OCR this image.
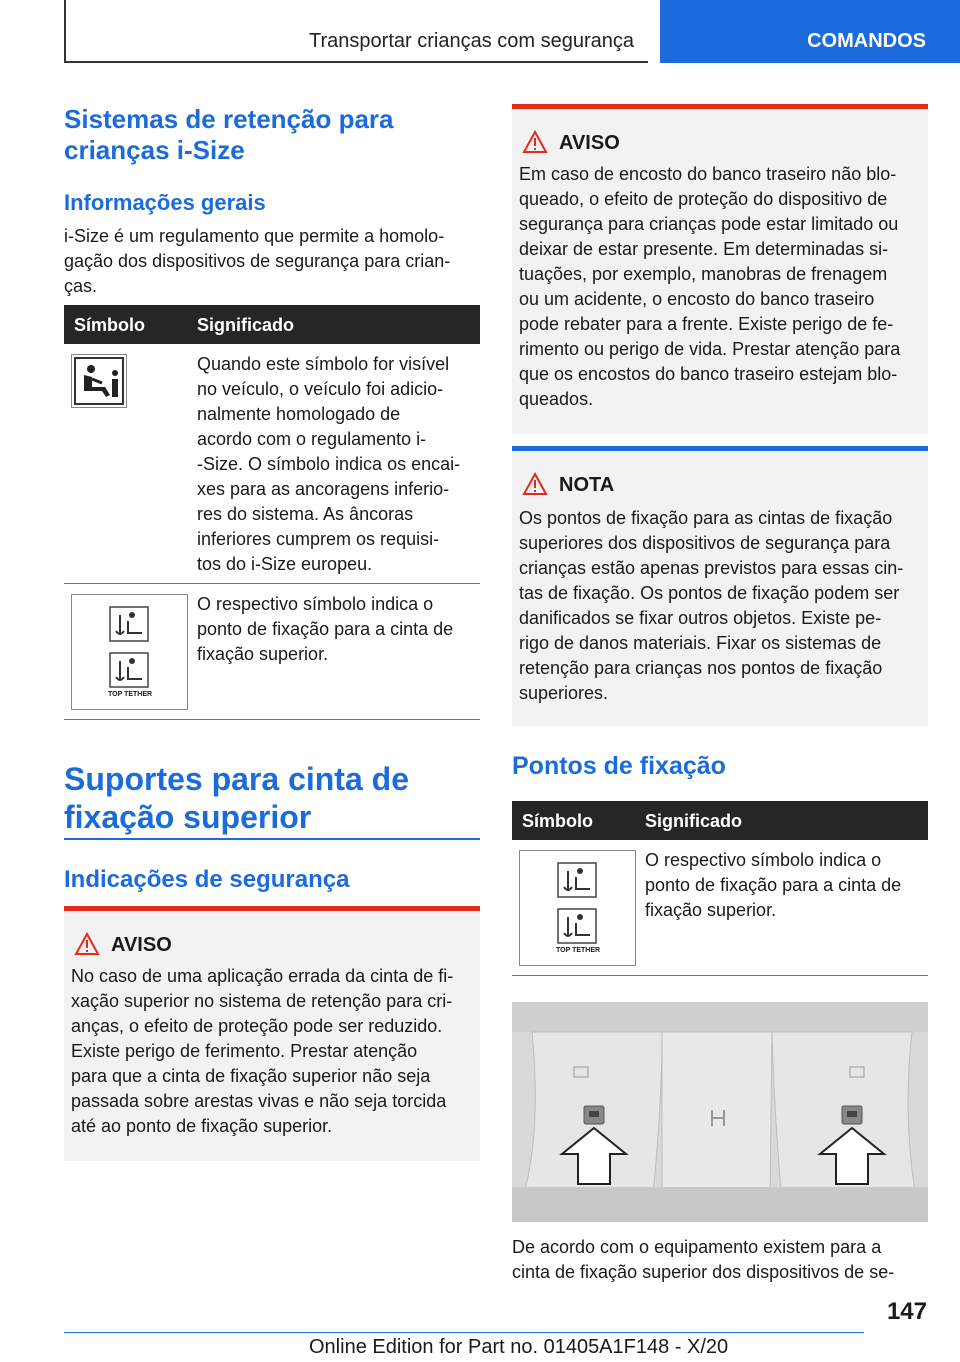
Transportar crianças com segurança	COMANDOS
Sistemas de retenção para
crianças i-Size
Informações gerais
i-Size é um regulamento que permite a homolo-
gação dos dispositivos de segurança para crian-
ças.
Símbolo	Significado
Quando este símbolo for visível
no veículo, o veículo foi adicio-
nalmente homologado de
acordo com o regulamento i-
-Size. O símbolo indica os encai-
xes para as ancoragens inferio-
res do sistema. As âncoras
inferiores cumprem os requisi-
tos do i-Size europeu.
TOP TETHER
O respectivo símbolo indica o
ponto de fixação para a cinta de
fixação superior.
Suportes para cinta de
fixação superior
Indicações de segurança
AVISO
No caso de uma aplicação errada da cinta de fi-
xação superior no sistema de retenção para cri-
anças, o efeito de proteção pode ser reduzido.
Existe perigo de ferimento. Prestar atenção
para que a cinta de fixação superior não seja
passada sobre arestas vivas e não seja torcida
até ao ponto de fixação superior.
AVISO
Em caso de encosto do banco traseiro não blo-
queado, o efeito de proteção do dispositivo de
segurança para crianças pode estar limitado ou
deixar de estar presente. Em determinadas si-
tuações, por exemplo, manobras de frenagem
ou um acidente, o encosto do banco traseiro
pode rebater para a frente. Existe perigo de fe-
rimento ou perigo de vida. Prestar atenção para
que os encostos do banco traseiro estejam blo-
queados.
NOTA
Os pontos de fixação para as cintas de fixação
superiores dos dispositivos de segurança para
crianças estão apenas previstos para essas cin-
tas de fixação. Os pontos de fixação podem ser
danificados se fixar outros objetos. Existe pe-
rigo de danos materiais. Fixar os sistemas de
retenção para crianças nos pontos de fixação
superiores.
Pontos de fixação
Símbolo	Significado
TOP TETHER
O respectivo símbolo indica o
ponto de fixação para a cinta de
fixação superior.
De acordo com o equipamento existem para a
cinta de fixação superior dos dispositivos de se-
147
Online Edition for Part no. 01405A1F148 - X/20
